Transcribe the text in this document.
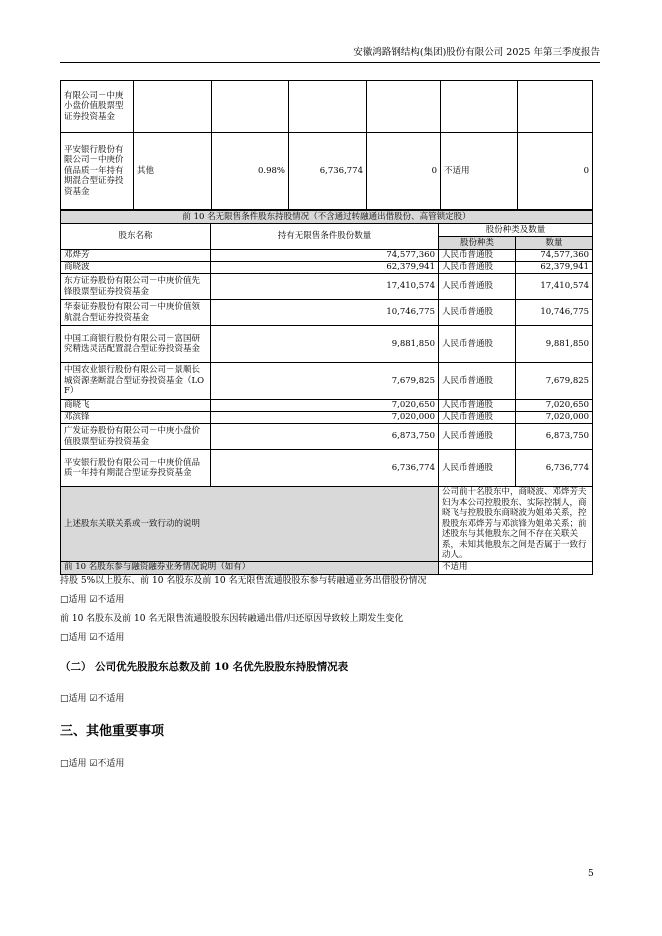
安徽鸿路钢结构(集团)股份有限公司 2025 年第三季度报告
有限公司－中庚小盘价值股票型证券投资基金						
平安银行股份有限公司－中庚价值品质一年持有期混合型证券投资基金	其他	0.98%	6,736,774	0	不适用	0
前 10 名无限售条件股东持股情况（不含通过转融通出借股份、高管锁定股）			
股东名称	持有无限售条件股份数量	股份种类及数量	
		股份种类	数量
邓烨芳	74,577,360	人民币普通股	74,577,360
商晓波	62,379,941	人民币普通股	62,379,941
东方证券股份有限公司－中庚价值先锋股票型证券投资基金	17,410,574	人民币普通股	17,410,574
华泰证券股份有限公司－中庚价值领航混合型证券投资基金	10,746,775	人民币普通股	10,746,775
中国工商银行股份有限公司－富国研究精选灵活配置混合型证券投资基金	9,881,850	人民币普通股	9,881,850
中国农业银行股份有限公司－景顺长城资源垄断混合型证券投资基金（LOF）	7,679,825	人民币普通股	7,679,825
商晓飞	7,020,650	人民币普通股	7,020,650
邓滨锋	7,020,000	人民币普通股	7,020,000
广发证券股份有限公司－中庚小盘价值股票型证券投资基金	6,873,750	人民币普通股	6,873,750
平安银行股份有限公司－中庚价值品质一年持有期混合型证券投资基金	6,736,774	人民币普通股	6,736,774
上述股东关联关系或一致行动的说明		公司前十名股东中，商晓波、邓烨芳夫妇为本公司控股股东、实际控制人，商晓飞与控股股东商晓波为姐弟关系，控股股东邓烨芳与邓滨锋为姐弟关系；前述股东与其他股东之间不存在关联关系，未知其他股东之间是否属于一致行动人。	
前 10 名股东参与融资融券业务情况说明（如有）		不适用	
持股 5%以上股东、前 10 名股东及前 10 名无限售流通股股东参与转融通业务出借股份情况
□适用 ☑不适用
前 10 名股东及前 10 名无限售流通股股东因转融通出借/归还原因导致较上期发生变化
□适用 ☑不适用
（二） 公司优先股股东总数及前 10 名优先股股东持股情况表
□适用 ☑不适用
三、其他重要事项
□适用 ☑不适用
5
